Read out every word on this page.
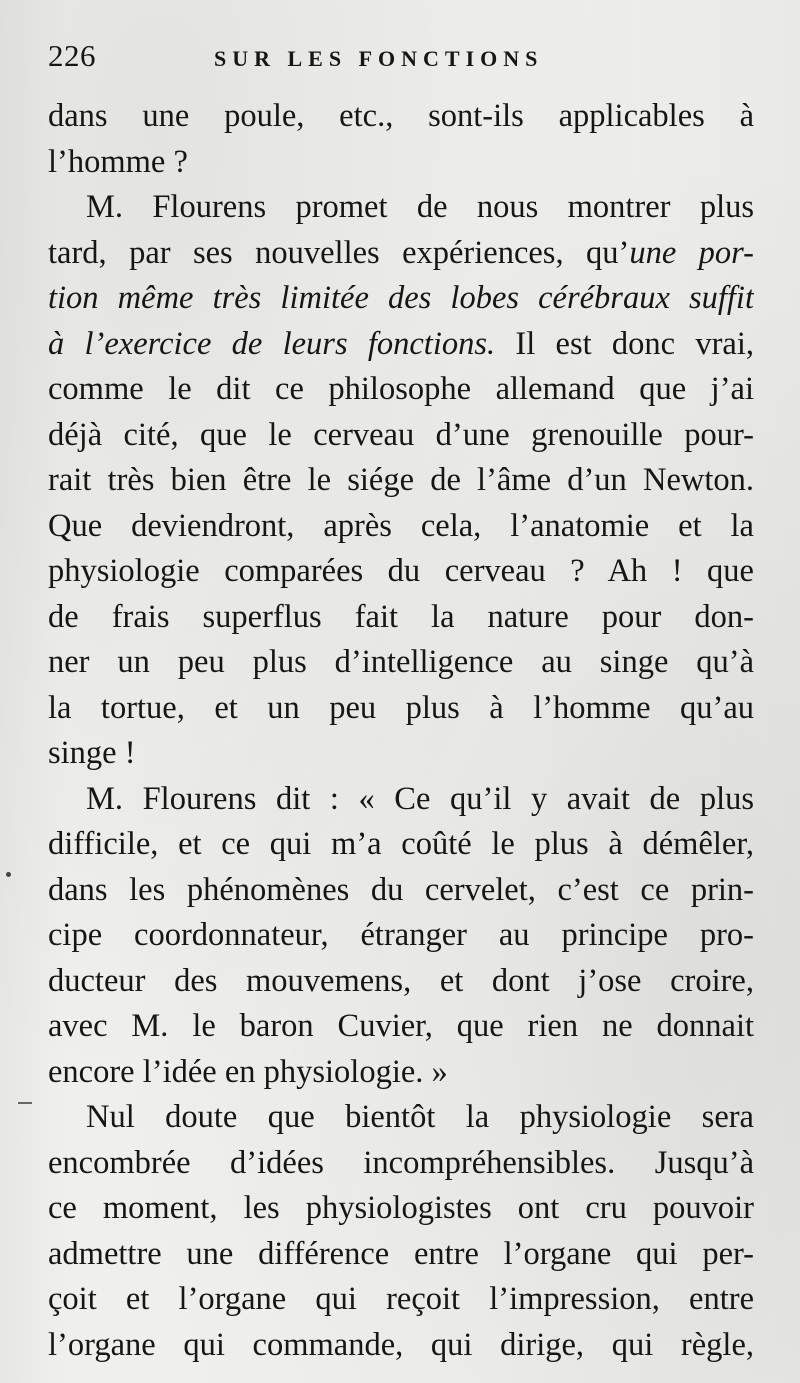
226	SUR LES FONCTIONS
dans une poule, etc., sont-ils applicables à
l’homme ?
M. Flourens promet de nous montrer plus
tard, par ses nouvelles expériences, qu’une por-
tion même très limitée des lobes cérébraux suffit
à l’exercice de leurs fonctions. Il est donc vrai,
comme le dit ce philosophe allemand que j’ai
déjà cité, que le cerveau d’une grenouille pour-
rait très bien être le siége de l’âme d’un Newton.
Que deviendront, après cela, l’anatomie et la
physiologie comparées du cerveau ? Ah ! que
de frais superflus fait la nature pour don-
ner un peu plus d’intelligence au singe qu’à
la tortue, et un peu plus à l’homme qu’au
singe !
M. Flourens dit : « Ce qu’il y avait de plus
difficile, et ce qui m’a coûté le plus à démêler,
dans les phénomènes du cervelet, c’est ce prin-
cipe coordonnateur, étranger au principe pro-
ducteur des mouvemens, et dont j’ose croire,
avec M. le baron Cuvier, que rien ne donnait
encore l’idée en physiologie. »
Nul doute que bientôt la physiologie sera
encombrée d’idées incompréhensibles. Jusqu’à
ce moment, les physiologistes ont cru pouvoir
admettre une différence entre l’organe qui per-
çoit et l’organe qui reçoit l’impression, entre
l’organe qui commande, qui dirige, qui règle,
